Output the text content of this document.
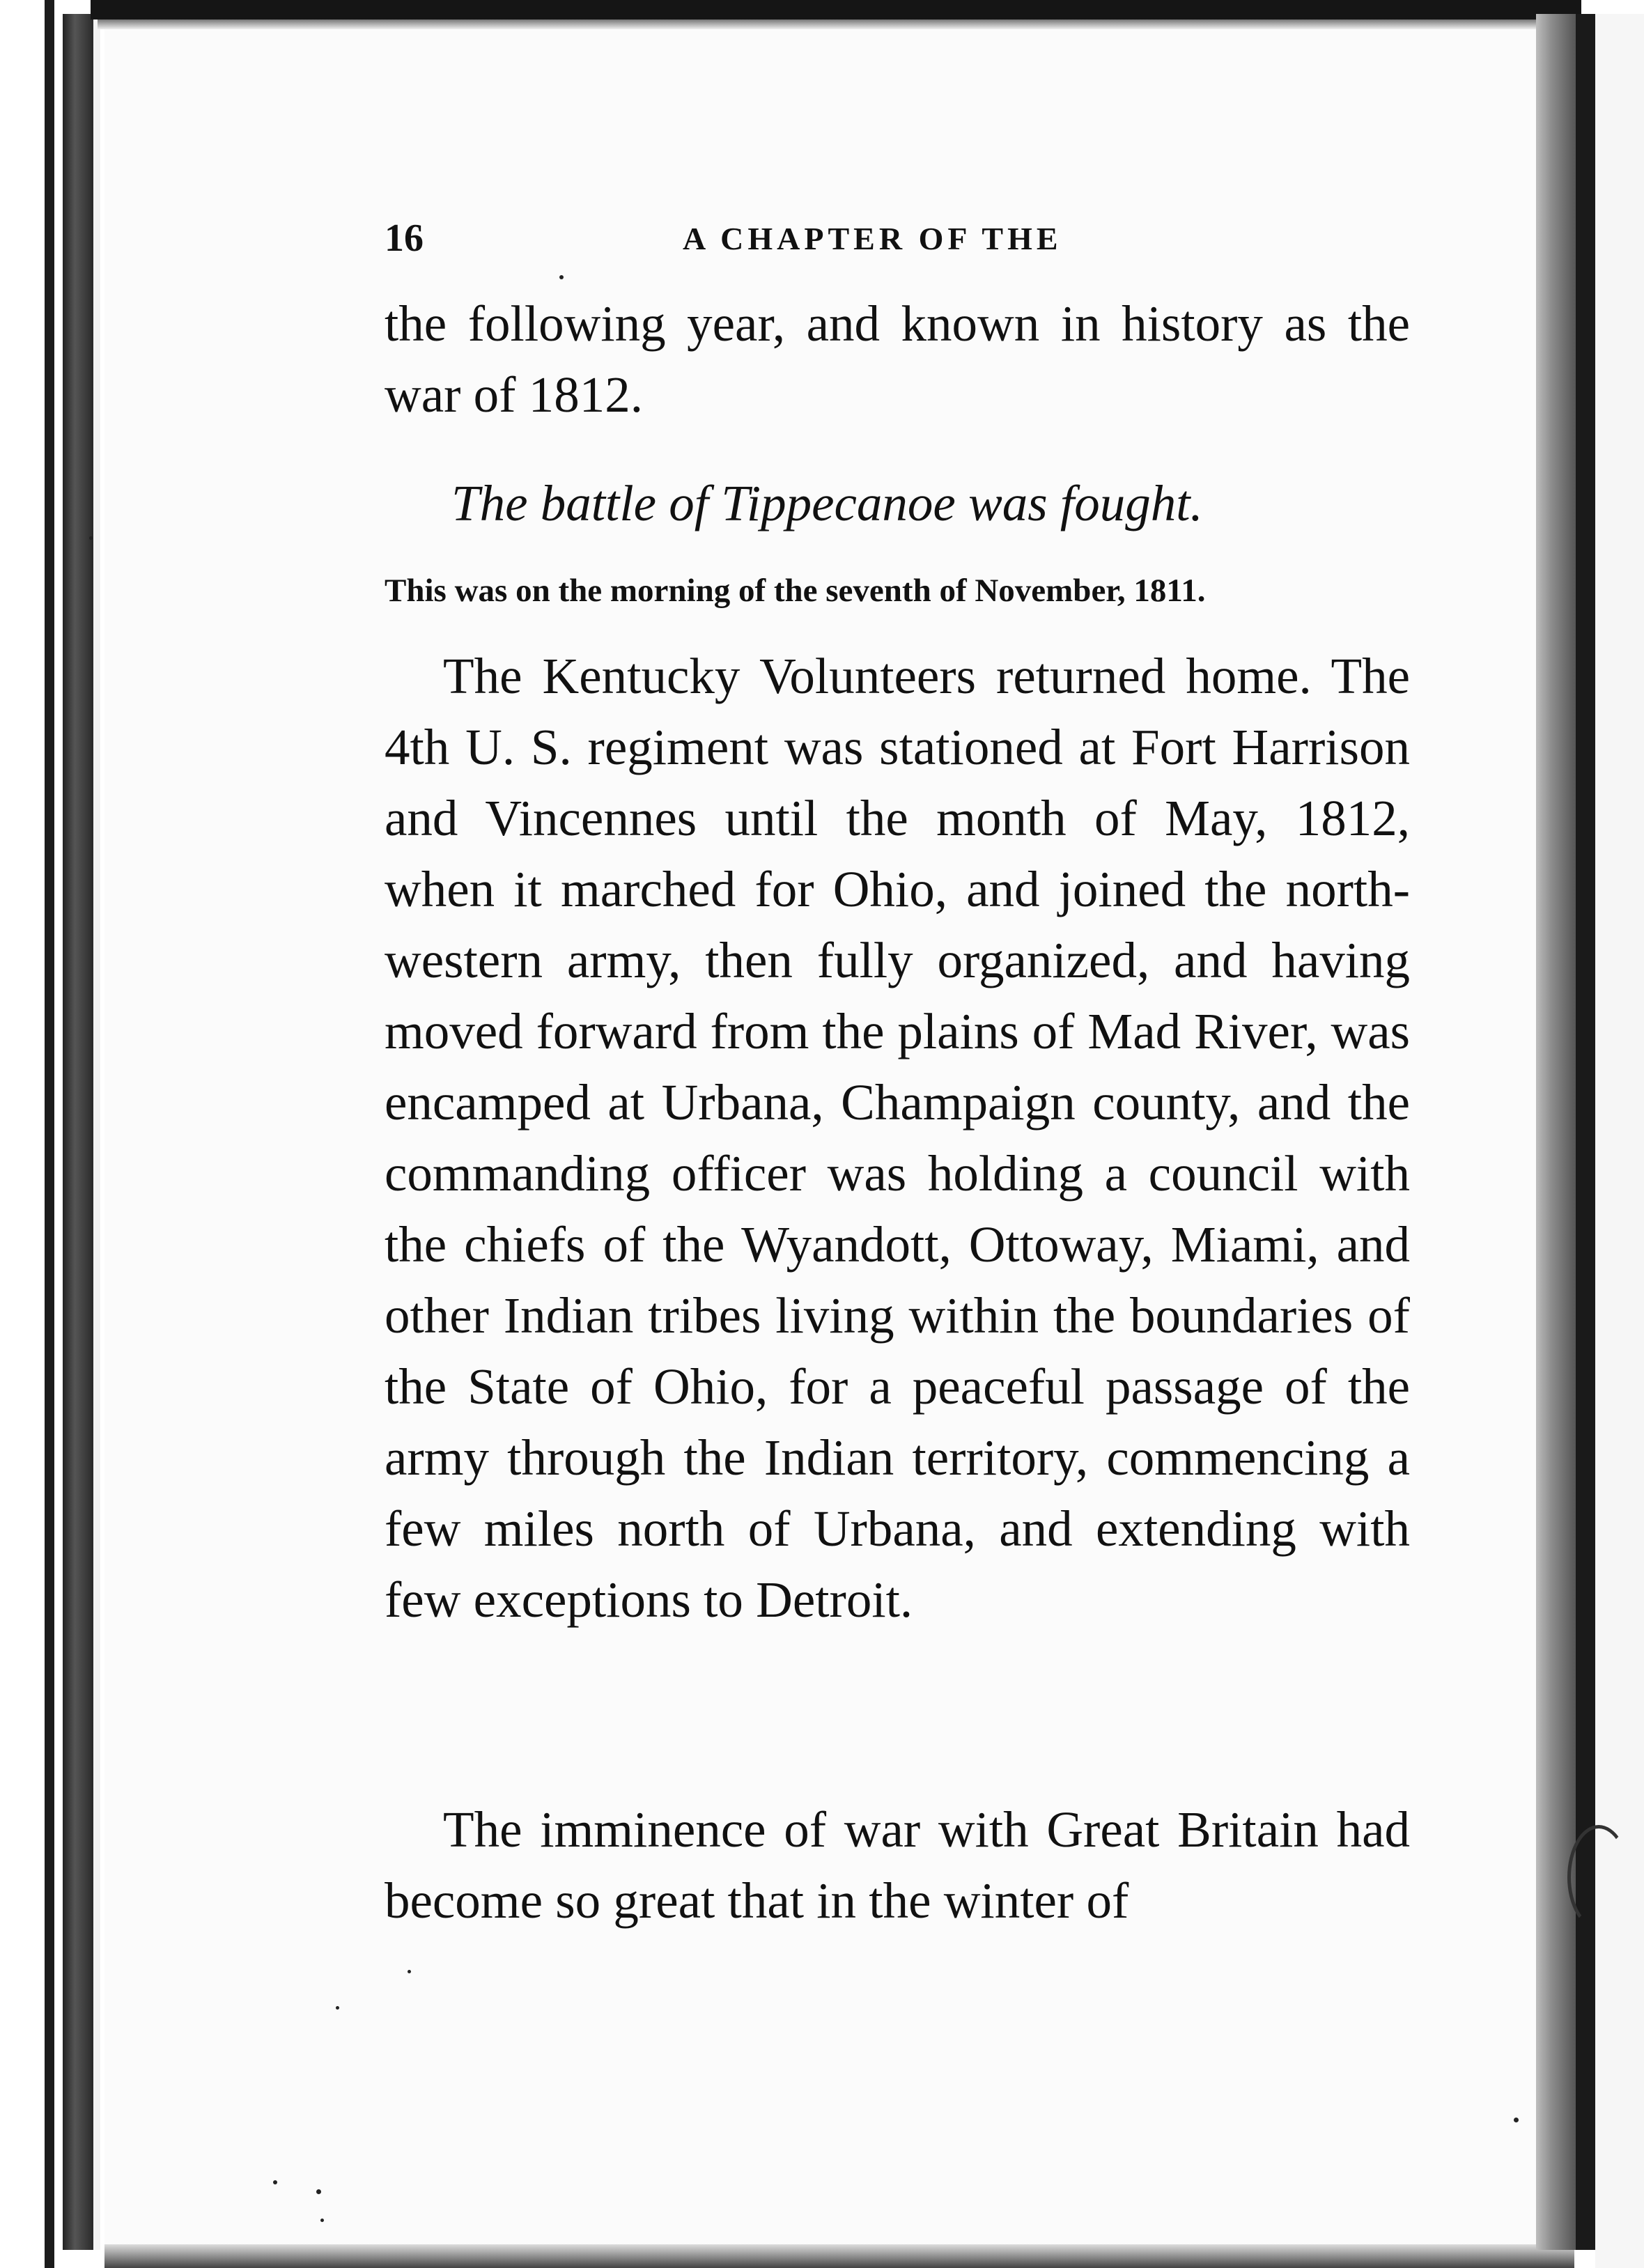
16	A CHAPTER OF THE

the following year, and known in history as the war of 1812.

The battle of Tippecanoe was fought.
This was on the morning of the seventh of November, 1811.

The Kentucky Volunteers returned home. The 4th U. S. regiment was stationed at Fort Harrison and Vincennes until the month of May, 1812, when it marched for Ohio, and joined the north-western army, then fully organized, and having moved forward from the plains of Mad River, was encamped at Urbana, Champaign county, and the commanding officer was holding a council with the chiefs of the Wyandott, Ottoway, Miami, and other Indian tribes living within the boundaries of the State of Ohio, for a peaceful passage of the army through the Indian territory, commencing a few miles north of Urbana, and extending with few exceptions to Detroit.

The imminence of war with Great Britain had become so great that in the winter of
